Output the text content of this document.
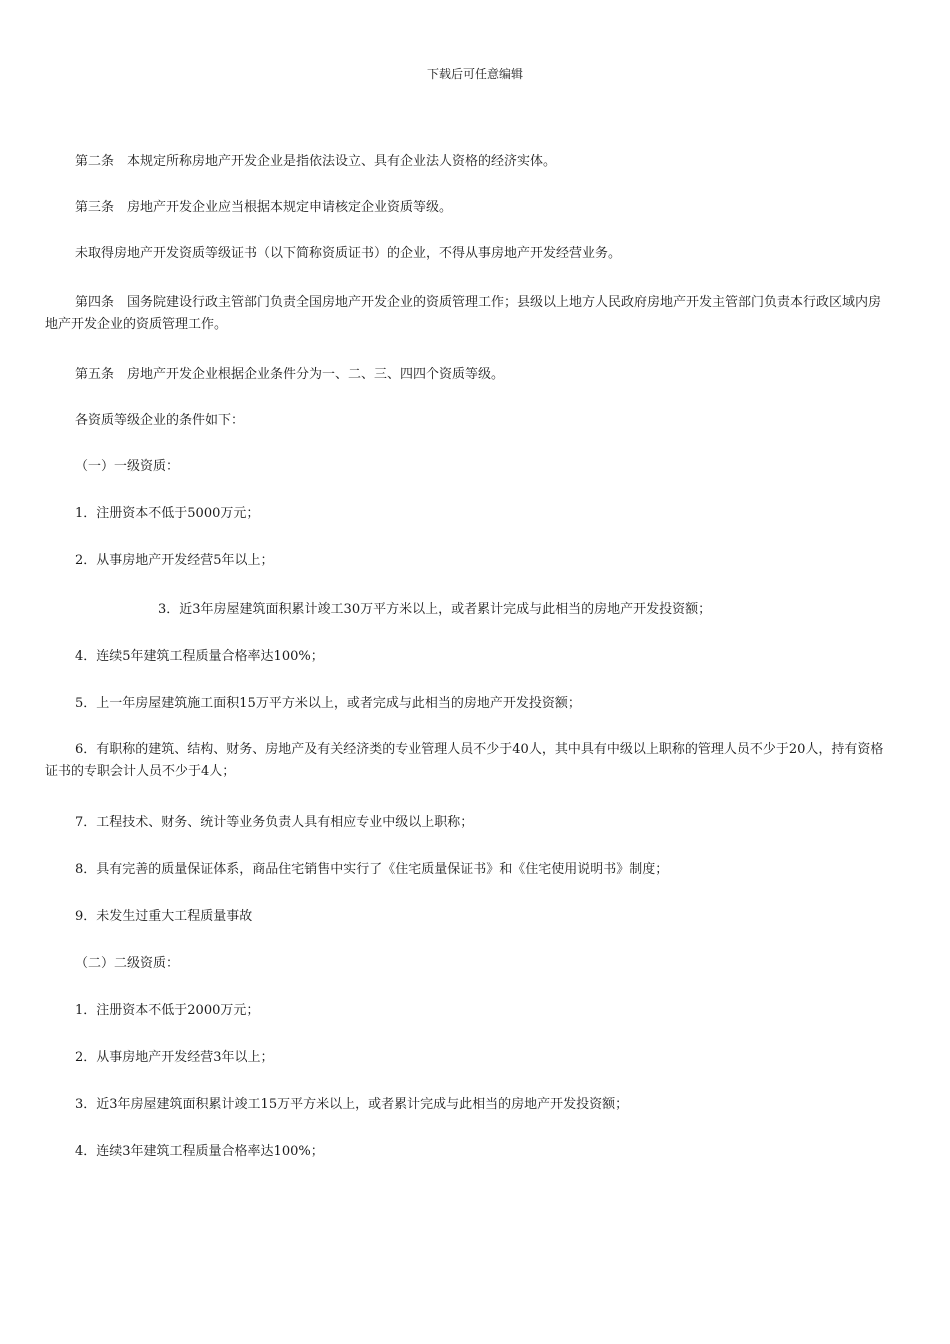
下载后可任意编辑
第二条　本规定所称房地产开发企业是指依法设立、具有企业法人资格的经济实体。
第三条　房地产开发企业应当根据本规定申请核定企业资质等级。
未取得房地产开发资质等级证书（以下简称资质证书）的企业，不得从事房地产开发经营业务。
第四条　国务院建设行政主管部门负责全国房地产开发企业的资质管理工作；县级以上地方人民政府房地产开发主管部门负责本行政区域内房地产开发企业的资质管理工作。
第五条　房地产开发企业根据企业条件分为一、二、三、四四个资质等级。
各资质等级企业的条件如下：
（一）一级资质：
1．注册资本不低于5000万元；
2．从事房地产开发经营5年以上；
3．近3年房屋建筑面积累计竣工30万平方米以上，或者累计完成与此相当的房地产开发投资额；
4．连续5年建筑工程质量合格率达100%；
5．上一年房屋建筑施工面积15万平方米以上，或者完成与此相当的房地产开发投资额；
6．有职称的建筑、结构、财务、房地产及有关经济类的专业管理人员不少于40人，其中具有中级以上职称的管理人员不少于20人，持有资格证书的专职会计人员不少于4人；
7．工程技术、财务、统计等业务负责人具有相应专业中级以上职称；
8．具有完善的质量保证体系，商品住宅销售中实行了《住宅质量保证书》和《住宅使用说明书》制度；
9．未发生过重大工程质量事故
（二）二级资质：
1．注册资本不低于2000万元；
2．从事房地产开发经营3年以上；
3．近3年房屋建筑面积累计竣工15万平方米以上，或者累计完成与此相当的房地产开发投资额；
4．连续3年建筑工程质量合格率达100%；
